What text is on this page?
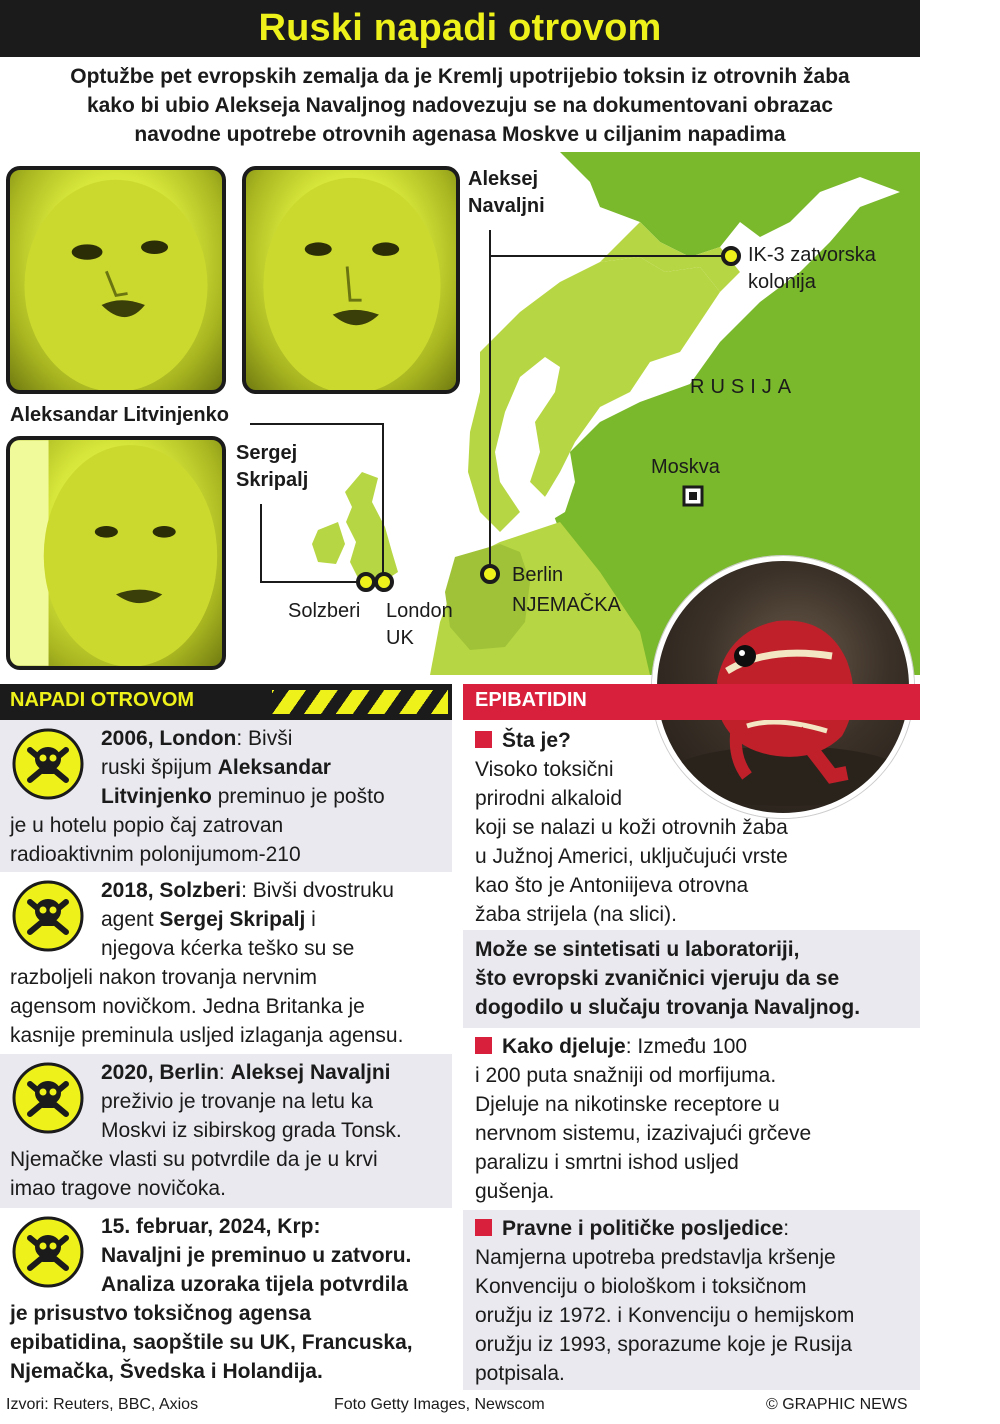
Ruski napadi otrovom
Optužbe pet evropskih zemalja da je Kremlj upotrijebio toksin iz otrovnih žaba
kako bi ubio Alekseja Navaljnog nadovezuju se na dokumentovani obrazac
navodne upotrebe otrovnih agenasa Moskve u ciljanim napadima
Aleksej
Navaljni
Aleksandar Litvinjenko
Sergej
Skripalj
IK-3 zatvorska
kolonija
RUSIJA
Moskva
Berlin
NJEMAČKA
Solzberi London
UK
NAPADI OTROVOM	EPIBATIDIN
2006, London: Bivši
ruski špijum Aleksandar
Litvinjenko preminuo je pošto
je u hotelu popio čaj zatrovan
radioaktivnim polonijumom-210
2018, Solzberi: Bivši dvostruku
agent Sergej Skripalj i
njegova kćerka teško su se
razboljeli nakon trovanja nervnim
agensom novičkom. Jedna Britanka je
kasnije preminula usljed izlaganja agensu.
2020, Berlin: Aleksej Navaljni
preživio je trovanje na letu ka
Moskvi iz sibirskog grada Tonsk.
Njemačke vlasti su potvrdile da je u krvi
imao tragove novičoka.
15. februar, 2024, Krp:
Navaljni je preminuo u zatvoru.
Analiza uzoraka tijela potvrdila
je prisustvo toksičnog agensa
epibatidina, saopštile su UK, Francuska,
Njemačka, Švedska i Holandija.
Šta je?
Visoko toksični
prirodni alkaloid
koji se nalazi u koži otrovnih žaba
u Južnoj Americi, uključujući vrste
kao što je Antoniijeva otrovna
žaba strijela (na slici).
Može se sintetisati u laboratoriji,
što evropski zvaničnici vjeruju da se
dogodilo u slučaju trovanja Navaljnog.
Kako djeluje: Između 100
i 200 puta snažniji od morfijuma.
Djeluje na nikotinske receptore u
nervnom sistemu, izazivajući grčeve
paralizu i smrtni ishod usljed
gušenja.
Pravne i političke posljedice:
Namjerna upotreba predstavlja kršenje
Konvenciju o biološkom i toksičnom
oružju iz 1972. i Konvenciju o hemijskom
oružju iz 1993, sporazume koje je Rusija
potpisala.
Izvori: Reuters, BBC, Axios	Foto Getty Images, Newscom	© GRAPHIC NEWS
